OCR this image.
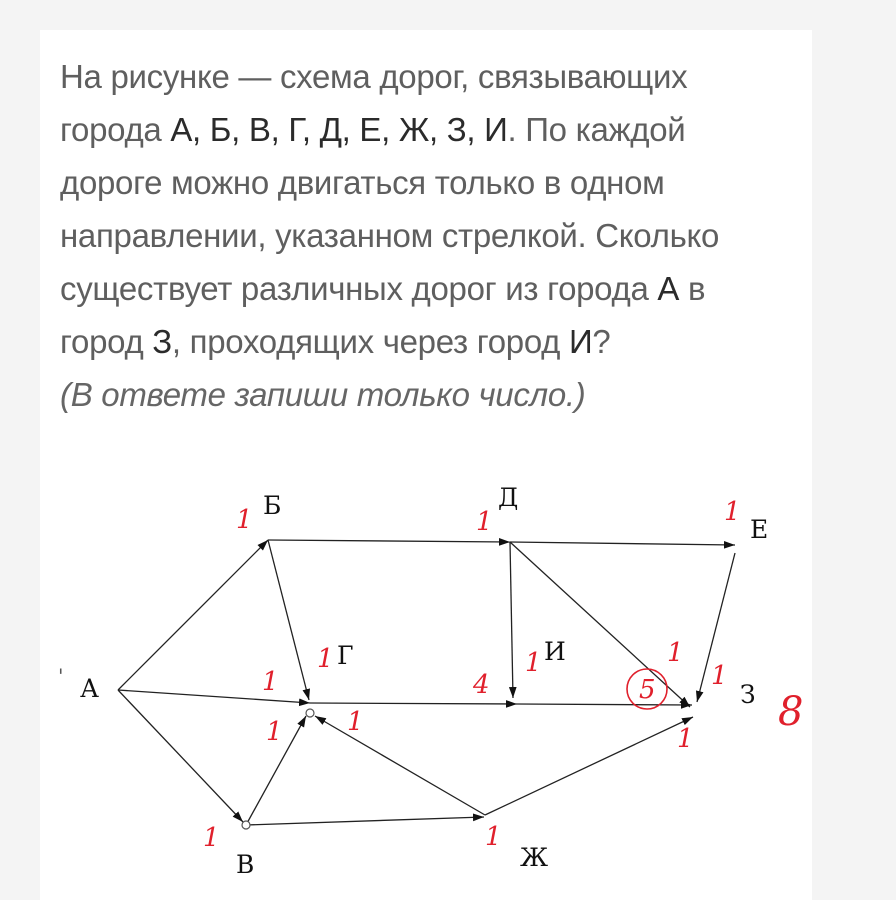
На рисунке — схема дорог, связывающих
города А, Б, В, Г, Д, Е, Ж, З, И. По каждой
дороге можно двигаться только в одном
направлении, указанном стрелкой. Сколько
существует различных дорог из города А в
город З, проходящих через город И?
(В ответе запиши только число.)
А
'
Б
В
Г
Д
Е
Ж
З
И
1	1	1
1
1
1 1
1	1
4
1
5
1
1
1
8
